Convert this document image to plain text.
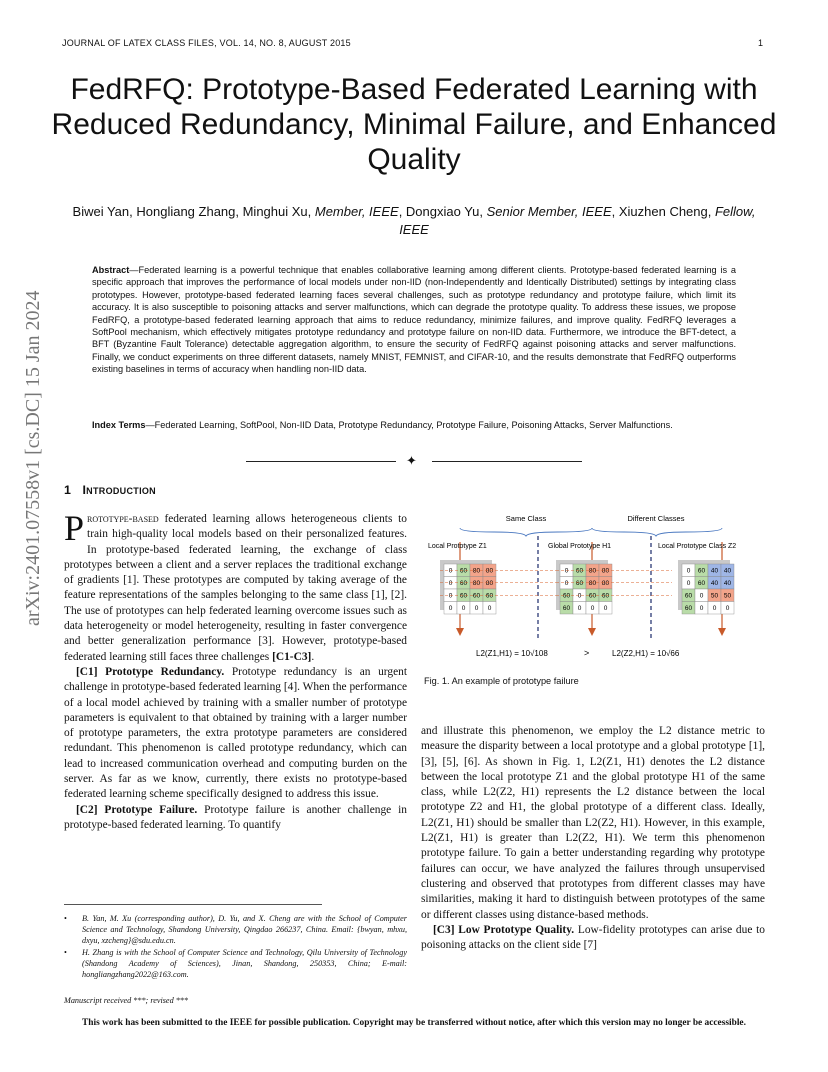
JOURNAL OF LATEX CLASS FILES, VOL. 14, NO. 8, AUGUST 2015	1
arXiv:2401.07558v1 [cs.DC] 15 Jan 2024
FedRFQ: Prototype-Based Federated Learning with Reduced Redundancy, Minimal Failure, and Enhanced Quality
Biwei Yan, Hongliang Zhang, Minghui Xu, Member, IEEE, Dongxiao Yu, Senior Member, IEEE, Xiuzhen Cheng, Fellow, IEEE
Abstract—Federated learning is a powerful technique that enables collaborative learning among different clients. Prototype-based federated learning is a specific approach that improves the performance of local models under non-IID (non-Independently and Identically Distributed) settings by integrating class prototypes. However, prototype-based federated learning faces several challenges, such as prototype redundancy and prototype failure, which limit its accuracy. It is also susceptible to poisoning attacks and server malfunctions, which can degrade the prototype quality. To address these issues, we propose FedRFQ, a prototype-based federated learning approach that aims to reduce redundancy, minimize failures, and improve quality. FedRFQ leverages a SoftPool mechanism, which effectively mitigates prototype redundancy and prototype failure on non-IID data. Furthermore, we introduce the BFT-detect, a BFT (Byzantine Fault Tolerance) detectable aggregation algorithm, to ensure the security of FedRFQ against poisoning attacks and server malfunctions. Finally, we conduct experiments on three different datasets, namely MNIST, FEMNIST, and CIFAR-10, and the results demonstrate that FedRFQ outperforms existing baselines in terms of accuracy when handling non-IID data.
Index Terms—Federated Learning, SoftPool, Non-IID Data, Prototype Redundancy, Prototype Failure, Poisoning Attacks, Server Malfunctions.
✦
1 Introduction

Prototype-based federated learning allows heterogeneous clients to train high-quality local models based on their personalized features. In prototype-based federated learning, the exchange of class prototypes between a client and a server replaces the traditional exchange of gradients [1]. These prototypes are computed by taking average of the feature representations of the samples belonging to the same class [1], [2]. The use of prototypes can help federated learning overcome issues such as data heterogeneity or model heterogeneity, resulting in faster convergence and better generalization performance [3]. However, prototype-based federated learning still faces three challenges [C1-C3].

[C1] Prototype Redundancy. Prototype redundancy is an urgent challenge in prototype-based federated learning [4]. When the performance of a local model achieved by training with a smaller number of prototype parameters is equivalent to that obtained by training with a larger number of prototype parameters, the extra prototype parameters are considered redundant. This phenomenon is called prototype redundancy, which can lead to increased communication overhead and computing burden on the server. As far as we know, currently, there exists no prototype-based federated learning scheme specifically designed to address this issue.

[C2] Prototype Failure. Prototype failure is another challenge in prototype-based federated learning. To quantify

• B. Yan, M. Xu (corresponding author), D. Yu, and X. Cheng are with the School of Computer Science and Technology, Shandong University, Qingdao 266237, China. Email: {bwyan, mhxu, dxyu, xzcheng}@sdu.edu.cn.
• H. Zhang is with the School of Computer Science and Technology, Qilu University of Technology (Shandong Academy of Sciences), Jinan, Shandong, 250353, China; E-mail: hongliangzhang2022@163.com.
Manuscript received ***; revised ***
Same Class	Different Classes
Local Prototype Z1	Global Prototype H1	Local Prototype Class Z2
0 60 80 80
0 60 80 80
0 60 60 60
0 0 0 0
0 60 80 80
0 60 80 80
60 0 60 60
60 0 0 0
0 60 40 40
0 60 40 40
60 0 50 50
60 0 0 0
L2(Z1,H1) = 10√108	>	L2(Z2,H1) = 10√66
Fig. 1. An example of prototype failure

and illustrate this phenomenon, we employ the L2 distance metric to measure the disparity between a local prototype and a global prototype [1], [3], [5], [6]. As shown in Fig. 1, L2(Z1, H1) denotes the L2 distance between the local prototype Z1 and the global prototype H1 of the same class, while L2(Z2, H1) represents the L2 distance between the local prototype Z2 and H1, the global prototype of a different class. Ideally, L2(Z1, H1) should be smaller than L2(Z2, H1). However, in this example, L2(Z1, H1) is greater than L2(Z2, H1). We term this phenomenon prototype failure. To gain a better understanding regarding why prototype failures can occur, we have analyzed the failures through unsupervised clustering and observed that prototypes from different classes may have similarities, making it hard to distinguish between prototypes of the same or different classes using distance-based methods.

[C3] Low Prototype Quality. Low-fidelity prototypes can arise due to poisoning attacks on the client side [7]

This work has been submitted to the IEEE for possible publication. Copyright may be transferred without notice, after which this version may no longer be accessible.
